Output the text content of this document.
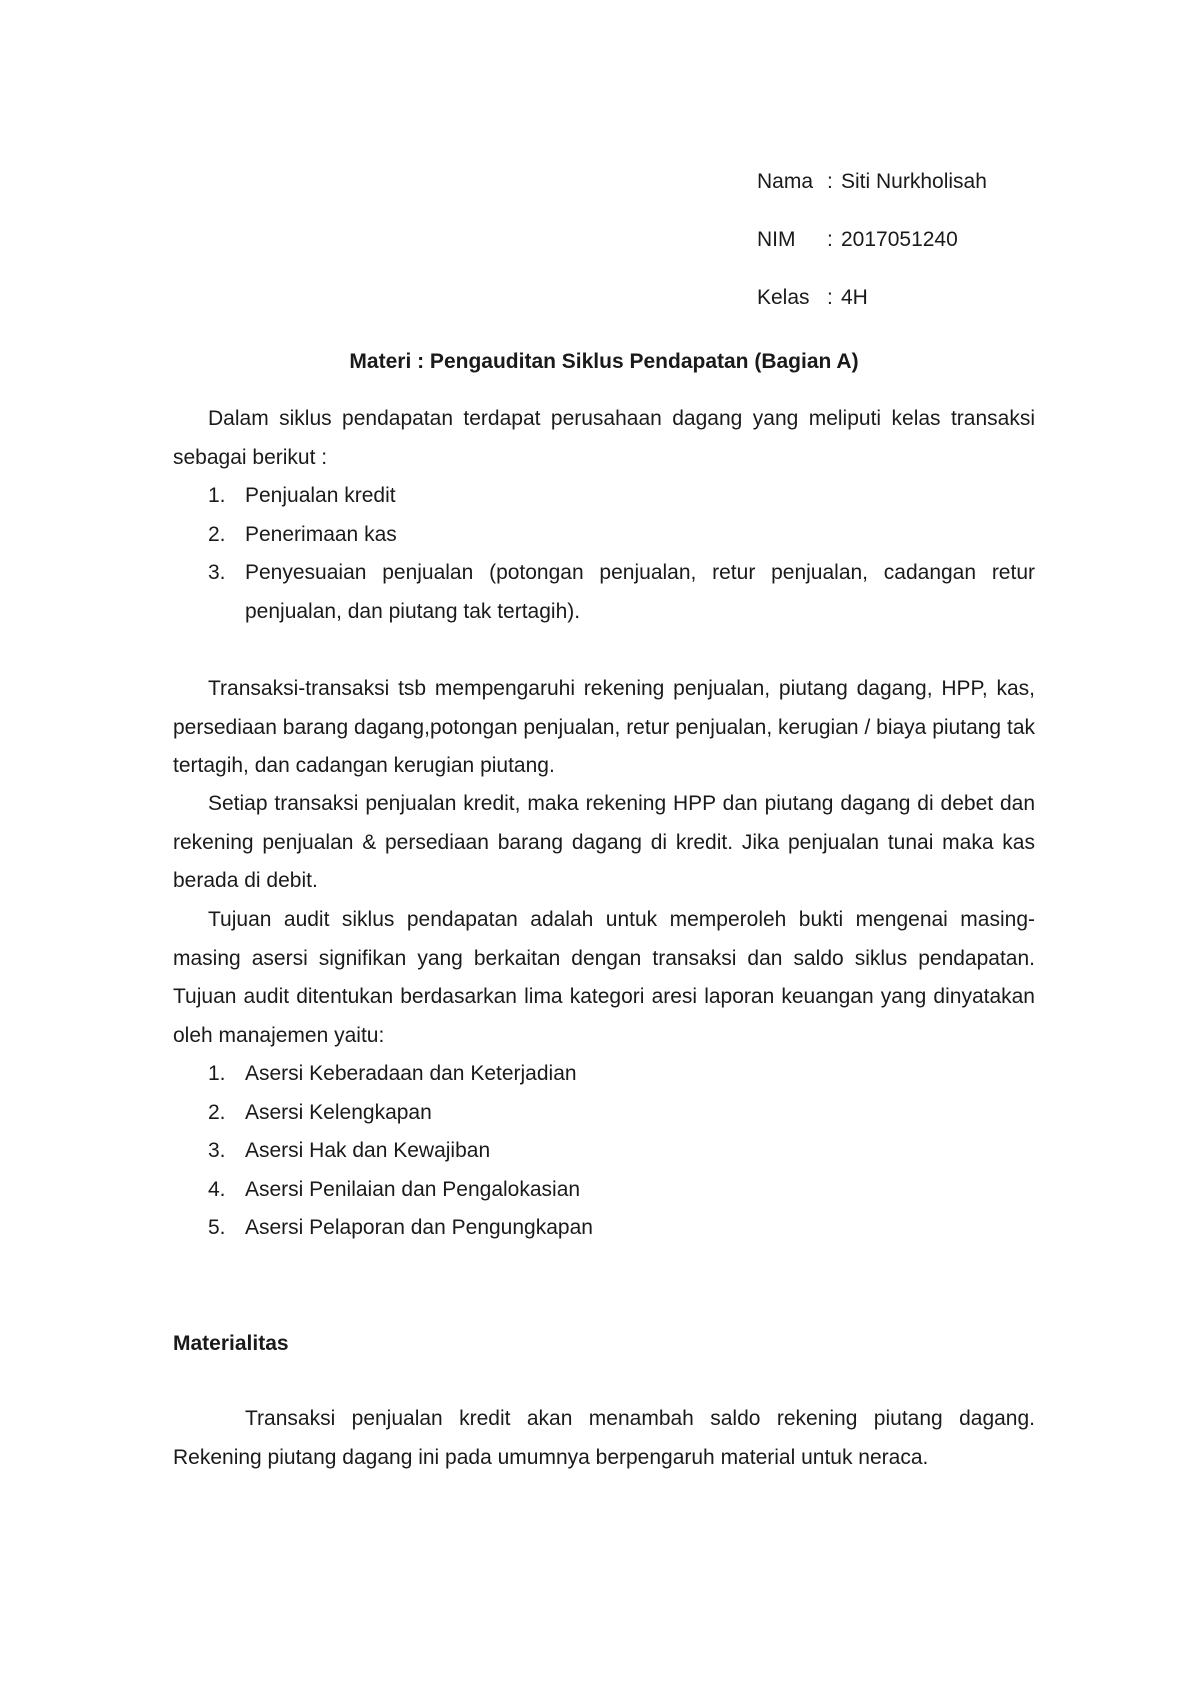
Nama : Siti Nurkholisah
NIM : 2017051240
Kelas : 4H
Materi : Pengauditan Siklus Pendapatan (Bagian A)
Dalam siklus pendapatan terdapat perusahaan dagang yang meliputi kelas transaksi sebagai berikut :
1. Penjualan kredit
2. Penerimaan kas
3. Penyesuaian penjualan (potongan penjualan, retur penjualan, cadangan retur penjualan, dan piutang tak tertagih).
Transaksi-transaksi tsb mempengaruhi rekening penjualan, piutang dagang, HPP, kas, persediaan barang dagang,potongan penjualan, retur penjualan, kerugian / biaya piutang tak tertagih, dan cadangan kerugian piutang.
Setiap transaksi penjualan kredit, maka rekening HPP dan piutang dagang di debet dan rekening penjualan & persediaan barang dagang di kredit. Jika penjualan tunai maka kas berada di debit.
Tujuan audit siklus pendapatan adalah untuk memperoleh bukti mengenai masing-masing asersi signifikan yang berkaitan dengan transaksi dan saldo siklus pendapatan. Tujuan audit ditentukan berdasarkan lima kategori aresi laporan keuangan yang dinyatakan oleh manajemen yaitu:
1. Asersi Keberadaan dan Keterjadian
2. Asersi Kelengkapan
3. Asersi Hak dan Kewajiban
4. Asersi Penilaian dan Pengalokasian
5. Asersi Pelaporan dan Pengungkapan
Materialitas
Transaksi penjualan kredit akan menambah saldo rekening piutang dagang. Rekening piutang dagang ini pada umumnya berpengaruh material untuk neraca.
